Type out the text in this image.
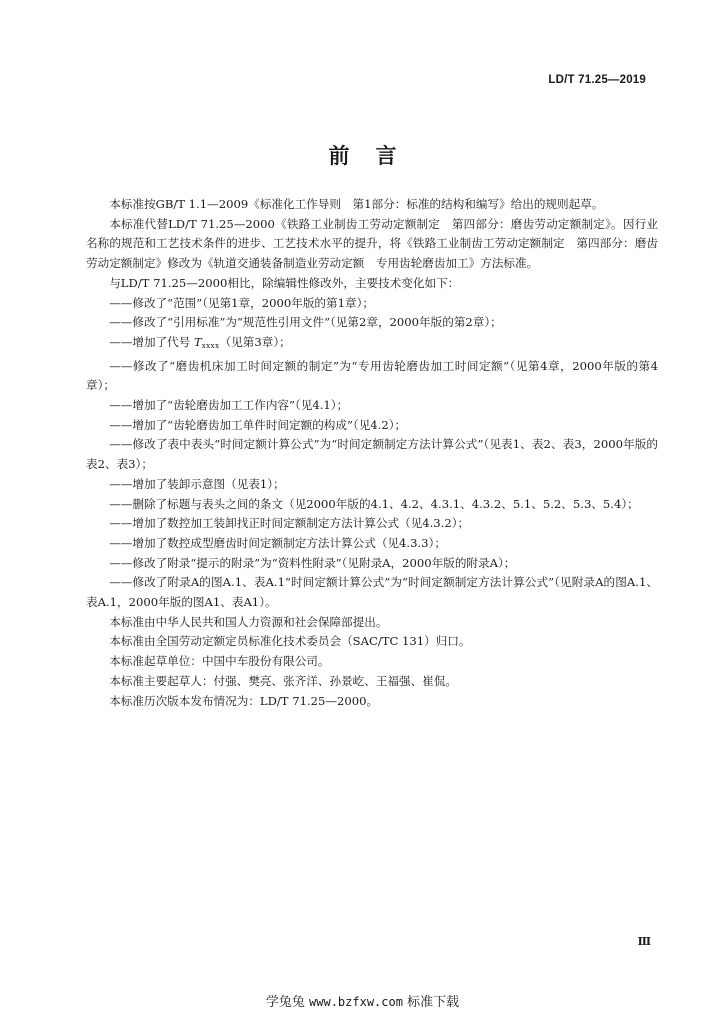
LD/T 71.25—2019
前言

本标准按GB/T 1.1—2009《标准化工作导则　第1部分：标准的结构和编写》给出的规则起草。

本标准代替LD/T 71.25—2000《铁路工业制齿工劳动定额制定　第四部分：磨齿劳动定额制定》。因行业名称的规范和工艺技术条件的进步、工艺技术水平的提升，将《铁路工业制齿工劳动定额制定　第四部分：磨齿劳动定额制定》修改为《轨道交通装备制造业劳动定额　专用齿轮磨齿加工》方法标准。

与LD/T 71.25—2000相比，除编辑性修改外，主要技术变化如下：

——修改了“范围”（见第1章，2000年版的第1章）；

——修改了“引用标准”为“规范性引用文件”（见第2章，2000年版的第2章）；

——增加了代号 $T_{xxxx}$（见第3章）；

——修改了“磨齿机床加工时间定额的制定”为“专用齿轮磨齿加工时间定额”（见第4章，2000年版的第4章）；

——增加了“齿轮磨齿加工工作内容”（见4.1）；

——增加了“齿轮磨齿加工单件时间定额的构成”（见4.2）；

——修改了表中表头“时间定额计算公式”为“时间定额制定方法计算公式”（见表1、表2、表3，2000年版的表2、表3）；

——增加了装卸示意图（见表1）；

——删除了标题与表头之间的条文（见2000年版的4.1、4.2、4.3.1、4.3.2、5.1、5.2、5.3、5.4）；

——增加了数控加工装卸找正时间定额制定方法计算公式（见4.3.2）；

——增加了数控成型磨齿时间定额制定方法计算公式（见4.3.3）；

——修改了附录“提示的附录”为“资料性附录”（见附录A，2000年版的附录A）；

——修改了附录A的图A.1、表A.1“时间定额计算公式”为“时间定额制定方法计算公式”（见附录A的图A.1、表A.1，2000年版的图A1、表A1）。

本标准由中华人民共和国人力资源和社会保障部提出。

本标准由全国劳动定额定员标准化技术委员会（SAC/TC 131）归口。

本标准起草单位：中国中车股份有限公司。

本标准主要起草人：付强、樊亮、张齐洋、孙景屹、王福强、崔侃。

本标准历次版本发布情况为：LD/T 71.25—2000。

Ⅲ
学兔兔 www.bzfxw.com 标准下载
